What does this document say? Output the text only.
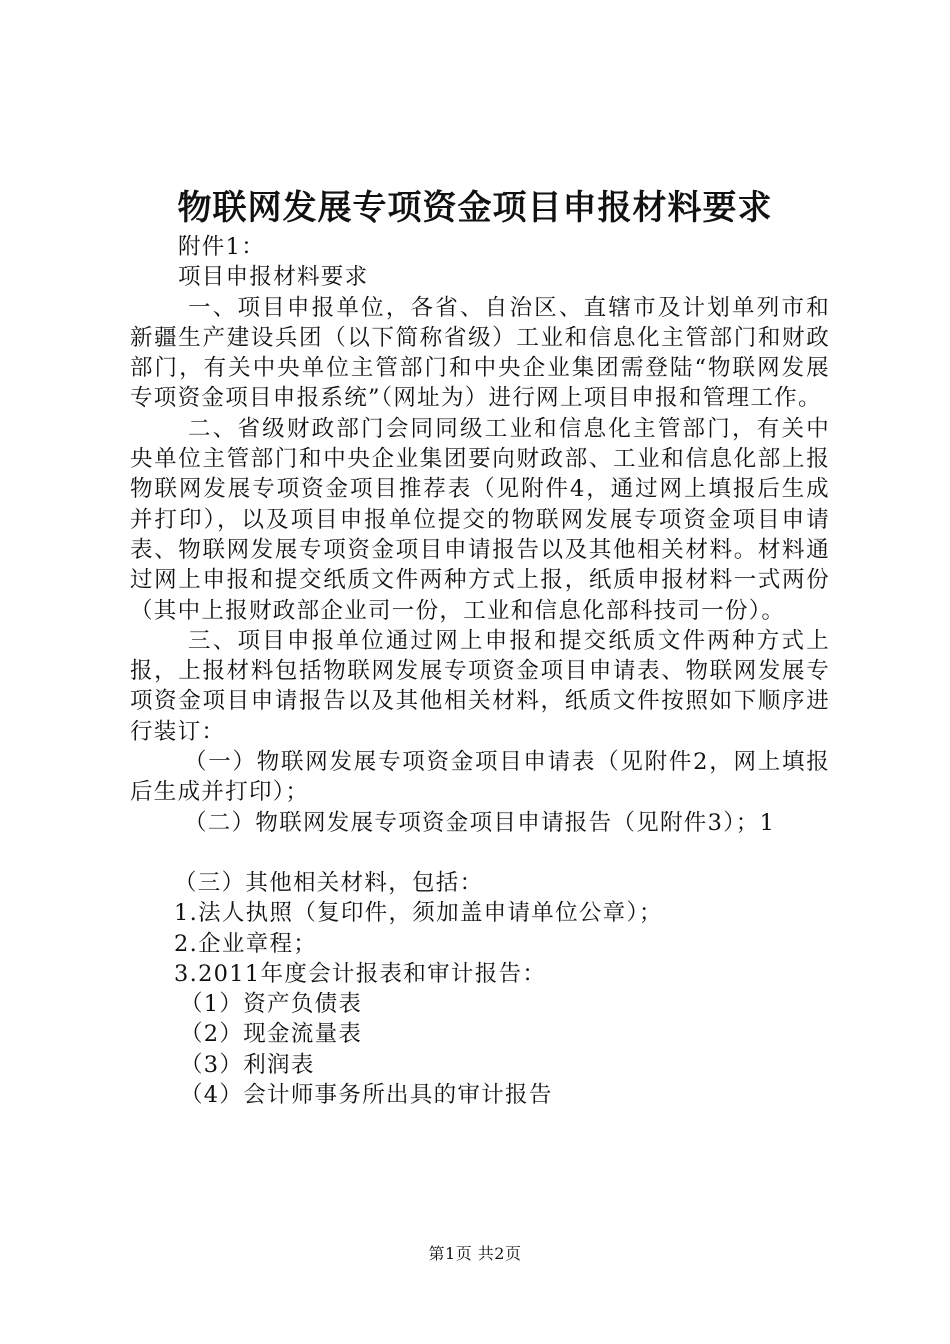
物联网发展专项资金项目申报材料要求

附件1：

项目申报材料要求

一、项目申报单位，各省、自治区、直辖市及计划单列市和新疆生产建设兵团（以下简称省级）工业和信息化主管部门和财政部门，有关中央单位主管部门和中央企业集团需登陆“物联网发展专项资金项目申报系统”（网址为）进行网上项目申报和管理工作。

二、省级财政部门会同同级工业和信息化主管部门，有关中央单位主管部门和中央企业集团要向财政部、工业和信息化部上报物联网发展专项资金项目推荐表（见附件4，通过网上填报后生成并打印），以及项目申报单位提交的物联网发展专项资金项目申请表、物联网发展专项资金项目申请报告以及其他相关材料。材料通过网上申报和提交纸质文件两种方式上报，纸质申报材料一式两份（其中上报财政部企业司一份，工业和信息化部科技司一份）。

三、项目申报单位通过网上申报和提交纸质文件两种方式上报，上报材料包括物联网发展专项资金项目申请表、物联网发展专项资金项目申请报告以及其他相关材料，纸质文件按照如下顺序进行装订：

（一）物联网发展专项资金项目申请表（见附件2，网上填报后生成并打印）；

（二）物联网发展专项资金项目申请报告（见附件3）；1

（三）其他相关材料，包括：

1.法人执照（复印件，须加盖申请单位公章）；

2.企业章程；

3.2011年度会计报表和审计报告：

（1）资产负债表

（2）现金流量表

（3）利润表

（4）会计师事务所出具的审计报告

第1页 共2页
